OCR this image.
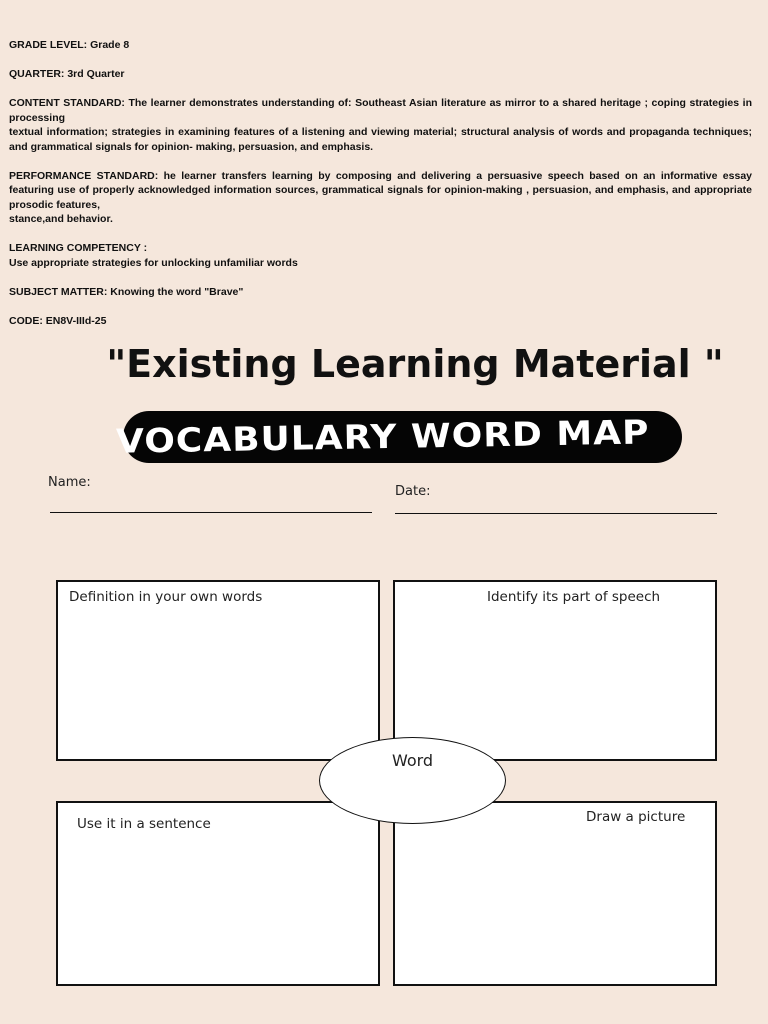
GRADE LEVEL: Grade 8

QUARTER: 3rd Quarter

CONTENT STANDARD: The learner demonstrates understanding of: Southeast Asian literature as mirror to a shared heritage ; coping strategies in processing
textual information; strategies in examining features of a listening and viewing material; structural analysis of words and propaganda techniques; and grammatical signals for opinion- making, persuasion, and emphasis.

PERFORMANCE STANDARD: he learner transfers learning by composing and delivering a persuasive speech based on an informative essay featuring use of properly acknowledged information sources, grammatical signals for opinion-making , persuasion, and emphasis, and appropriate prosodic features,
stance,and behavior.

LEARNING COMPETENCY :
Use appropriate strategies for unlocking unfamiliar words

SUBJECT MATTER: Knowing the word "Brave"

CODE: EN8V-IIId-25

"Existing Learning Material "
VOCABULARY WORD MAP
Name:
Date:
Definition in your own words	Identify its part of speech
Use it in a sentence	Draw a picture
Word
